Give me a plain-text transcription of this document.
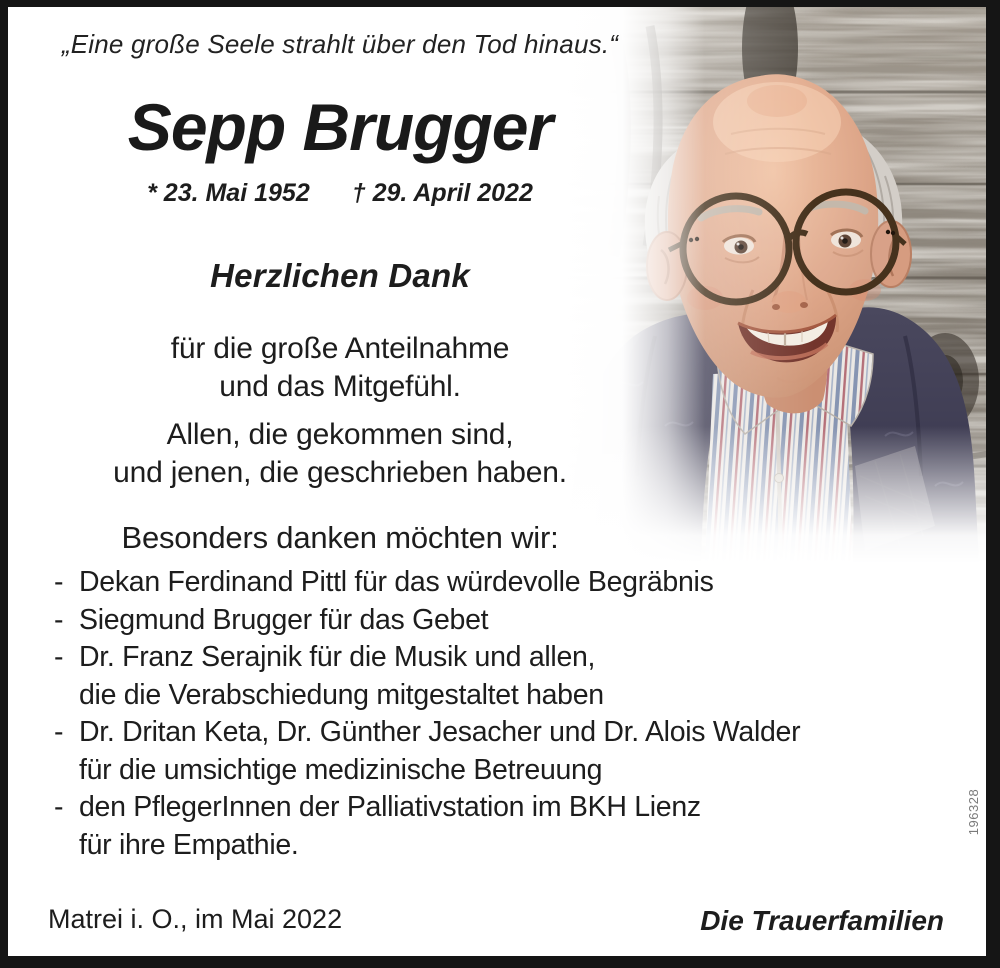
„Eine große Seele strahlt über den Tod hinaus.“
Sepp Brugger
* 23. Mai 1952 † 29. April 2022
Herzlichen Dank
für die große Anteilnahme
und das Mitgefühl.
Allen, die gekommen sind,
und jenen, die geschrieben haben.
Besonders danken möchten wir:
- Dekan Ferdinand Pittl für das würdevolle Begräbnis
- Siegmund Brugger für das Gebet
- Dr. Franz Serajnik für die Musik und allen,
die die Verabschiedung mitgestaltet haben
- Dr. Dritan Keta, Dr. Günther Jesacher und Dr. Alois Walder
für die umsichtige medizinische Betreuung
- den PflegerInnen der Palliativstation im BKH Lienz
für ihre Empathie.
Matrei i. O., im Mai 2022	Die Trauerfamilien
196328
